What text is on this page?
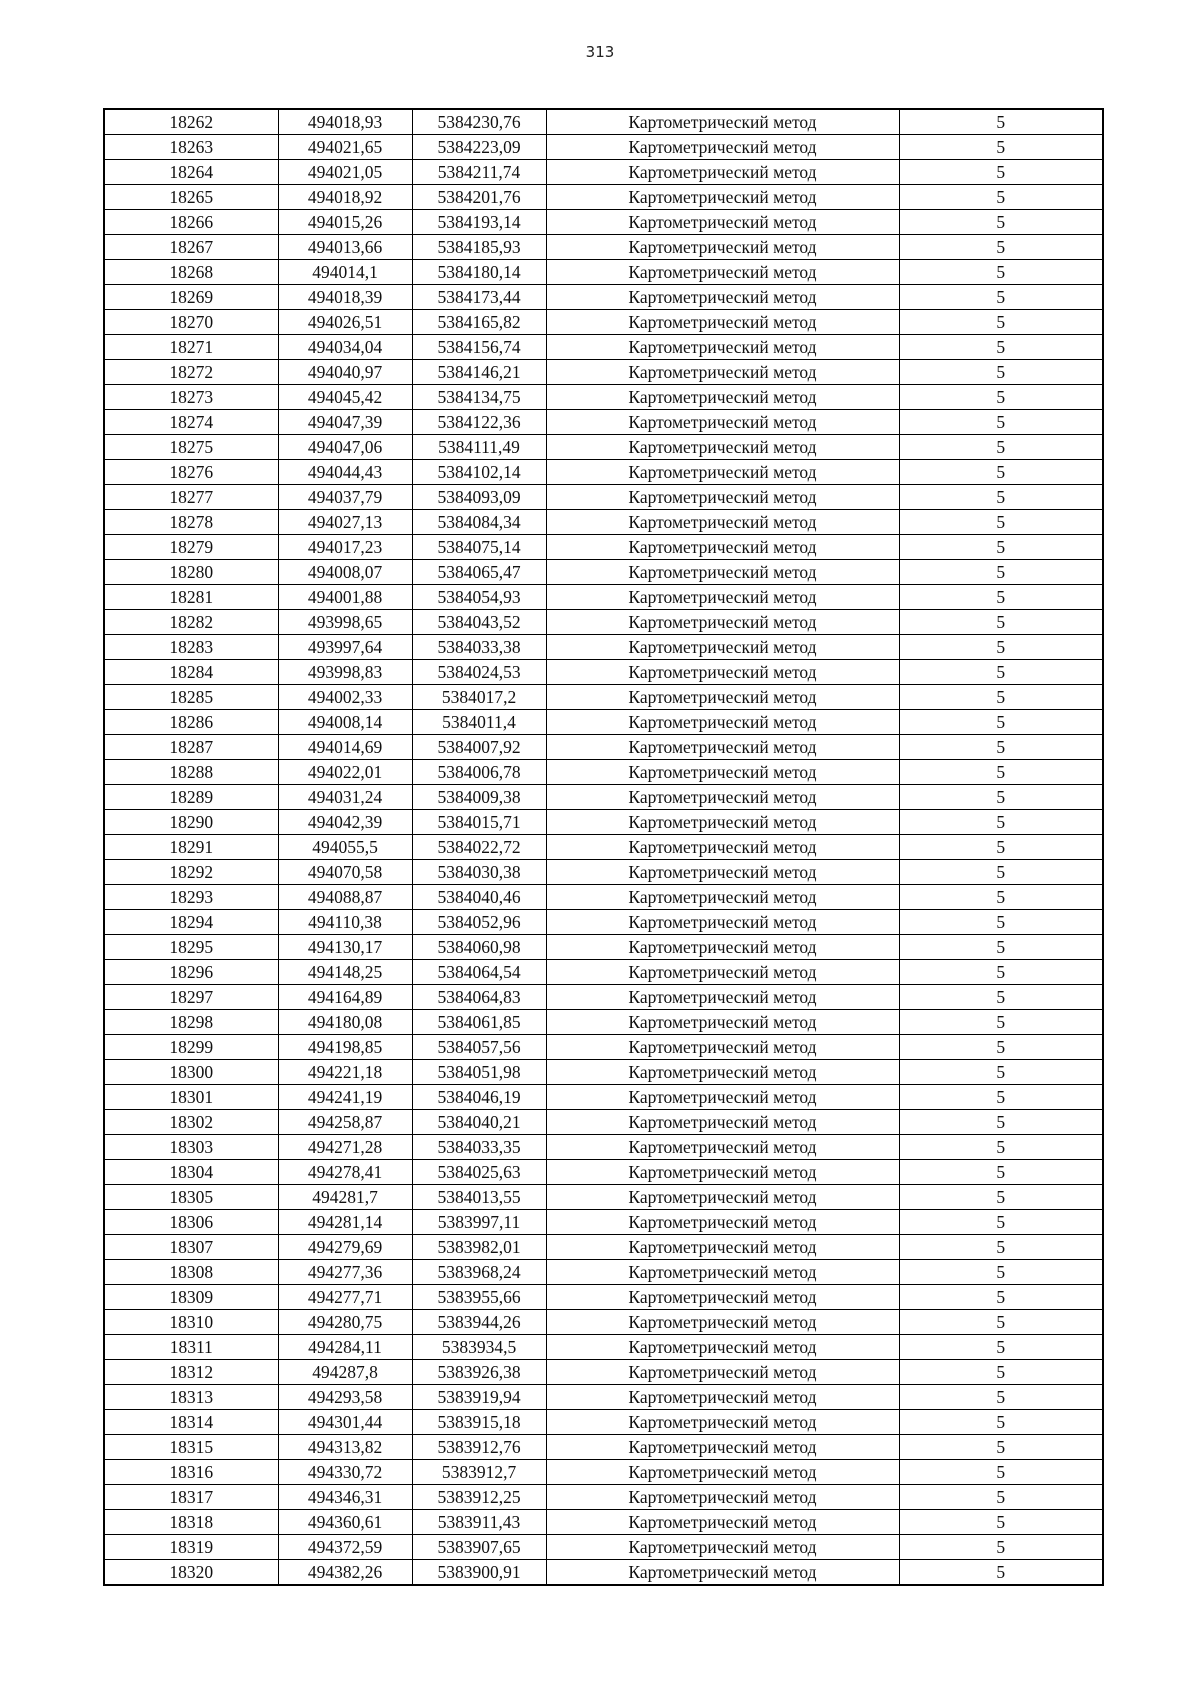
313
18262	494018,93	5384230,76	Картометрический метод	5
18263	494021,65	5384223,09	Картометрический метод	5
18264	494021,05	5384211,74	Картометрический метод	5
18265	494018,92	5384201,76	Картометрический метод	5
18266	494015,26	5384193,14	Картометрический метод	5
18267	494013,66	5384185,93	Картометрический метод	5
18268	494014,1	5384180,14	Картометрический метод	5
18269	494018,39	5384173,44	Картометрический метод	5
18270	494026,51	5384165,82	Картометрический метод	5
18271	494034,04	5384156,74	Картометрический метод	5
18272	494040,97	5384146,21	Картометрический метод	5
18273	494045,42	5384134,75	Картометрический метод	5
18274	494047,39	5384122,36	Картометрический метод	5
18275	494047,06	5384111,49	Картометрический метод	5
18276	494044,43	5384102,14	Картометрический метод	5
18277	494037,79	5384093,09	Картометрический метод	5
18278	494027,13	5384084,34	Картометрический метод	5
18279	494017,23	5384075,14	Картометрический метод	5
18280	494008,07	5384065,47	Картометрический метод	5
18281	494001,88	5384054,93	Картометрический метод	5
18282	493998,65	5384043,52	Картометрический метод	5
18283	493997,64	5384033,38	Картометрический метод	5
18284	493998,83	5384024,53	Картометрический метод	5
18285	494002,33	5384017,2	Картометрический метод	5
18286	494008,14	5384011,4	Картометрический метод	5
18287	494014,69	5384007,92	Картометрический метод	5
18288	494022,01	5384006,78	Картометрический метод	5
18289	494031,24	5384009,38	Картометрический метод	5
18290	494042,39	5384015,71	Картометрический метод	5
18291	494055,5	5384022,72	Картометрический метод	5
18292	494070,58	5384030,38	Картометрический метод	5
18293	494088,87	5384040,46	Картометрический метод	5
18294	494110,38	5384052,96	Картометрический метод	5
18295	494130,17	5384060,98	Картометрический метод	5
18296	494148,25	5384064,54	Картометрический метод	5
18297	494164,89	5384064,83	Картометрический метод	5
18298	494180,08	5384061,85	Картометрический метод	5
18299	494198,85	5384057,56	Картометрический метод	5
18300	494221,18	5384051,98	Картометрический метод	5
18301	494241,19	5384046,19	Картометрический метод	5
18302	494258,87	5384040,21	Картометрический метод	5
18303	494271,28	5384033,35	Картометрический метод	5
18304	494278,41	5384025,63	Картометрический метод	5
18305	494281,7	5384013,55	Картометрический метод	5
18306	494281,14	5383997,11	Картометрический метод	5
18307	494279,69	5383982,01	Картометрический метод	5
18308	494277,36	5383968,24	Картометрический метод	5
18309	494277,71	5383955,66	Картометрический метод	5
18310	494280,75	5383944,26	Картометрический метод	5
18311	494284,11	5383934,5	Картометрический метод	5
18312	494287,8	5383926,38	Картометрический метод	5
18313	494293,58	5383919,94	Картометрический метод	5
18314	494301,44	5383915,18	Картометрический метод	5
18315	494313,82	5383912,76	Картометрический метод	5
18316	494330,72	5383912,7	Картометрический метод	5
18317	494346,31	5383912,25	Картометрический метод	5
18318	494360,61	5383911,43	Картометрический метод	5
18319	494372,59	5383907,65	Картометрический метод	5
18320	494382,26	5383900,91	Картометрический метод	5
